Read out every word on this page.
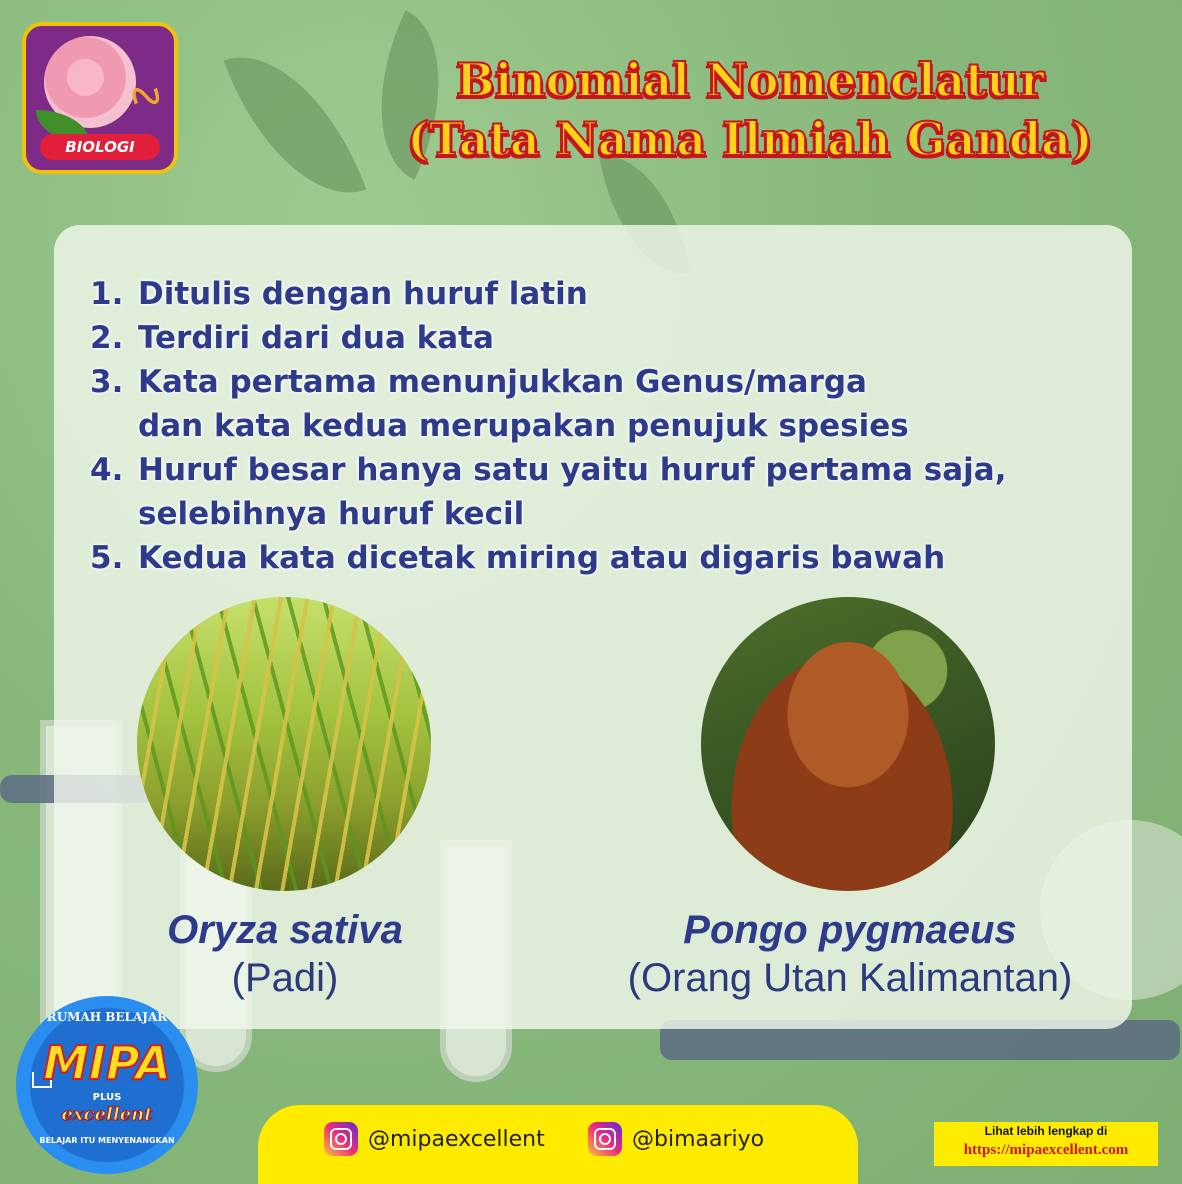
∿
BIOLOGI
Binomial Nomenclatur
(Tata Nama Ilmiah Ganda)
1. Ditulis dengan huruf latin
2. Terdiri dari dua kata
3. Kata pertama menunjukkan Genus/marga
dan kata kedua merupakan penujuk spesies
4. Huruf besar hanya satu yaitu huruf pertama saja,
selebihnya huruf kecil
5. Kedua kata dicetak miring atau digaris bawah
Oryza sativa
(Padi)
Pongo pygmaeus
(Orang Utan Kalimantan)
RUMAH BELAJAR
MIPA
PLUS
excellent
BELAJAR ITU MENYENANGKAN	@mipaexcellent	@bimaariyo	Lihat lebih lengkap di
https://mipaexcellent.com
